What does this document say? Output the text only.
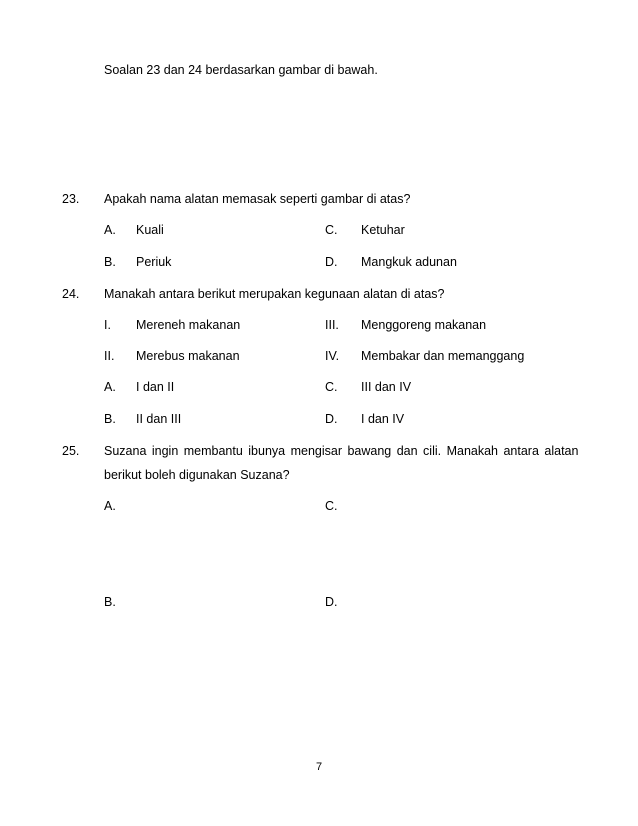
Soalan 23 dan 24 berdasarkan gambar di bawah.
23. Apakah nama alatan memasak seperti gambar di atas?
A. Kuali	C. Ketuhar
B. Periuk	D. Mangkuk adunan
24. Manakah antara berikut merupakan kegunaan alatan di atas?
I. Mereneh makanan	III. Menggoreng makanan
II. Merebus makanan	IV. Membakar dan memanggang
A. I dan II	C. III dan IV
B. II dan III	D. I dan IV
25. Suzana ingin membantu ibunya mengisar bawang dan cili. Manakah antara alatan
berikut boleh digunakan Suzana?
A.	C.
B.	D.
7
